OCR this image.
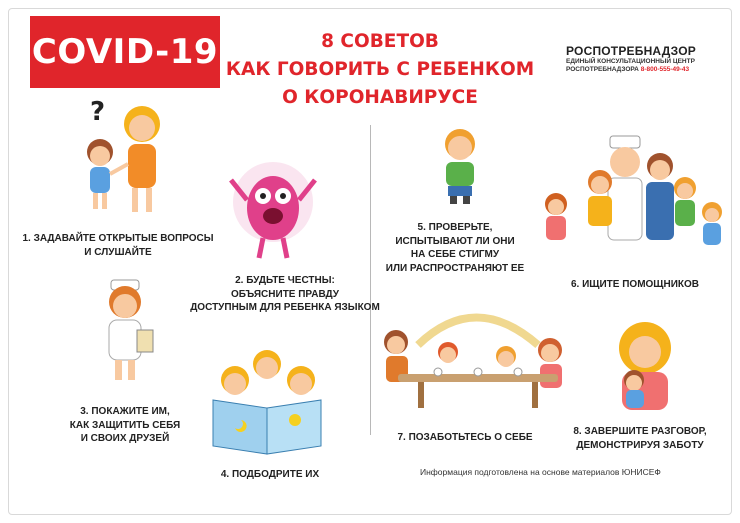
COVID-19	8 СОВЕТОВ
КАК ГОВОРИТЬ С РЕБЕНКОМ
О КОРОНАВИРУСЕ
РОСПОТРЕБНАДЗОР
ЕДИНЫЙ КОНСУЛЬТАЦИОННЫЙ ЦЕНТР
РОСПОТРЕБНАДЗОРА 8-800-555-49-43
?
1. ЗАДАВАЙТЕ ОТКРЫТЫЕ ВОПРОСЫ
И СЛУШАЙТЕ
2. БУДЬТЕ ЧЕСТНЫ:
ОБЪЯСНИТЕ ПРАВДУ
ДОСТУПНЫМ ДЛЯ РЕБЕНКА ЯЗЫКОМ
3. ПОКАЖИТЕ ИМ,
КАК ЗАЩИТИТЬ СЕБЯ
И СВОИХ ДРУЗЕЙ
4. ПОДБОДРИТЕ ИХ
5. ПРОВЕРЬТЕ,
ИСПЫТЫВАЮТ ЛИ ОНИ
НА СЕБЕ СТИГМУ
ИЛИ РАСПРОСТРАНЯЮТ ЕЕ
6. ИЩИТЕ ПОМОЩНИКОВ
7. ПОЗАБОТЬТЕСЬ О СЕБЕ
8. ЗАВЕРШИТЕ РАЗГОВОР,
ДЕМОНСТРИРУЯ ЗАБОТУ
Информация подготовлена на основе материалов ЮНИСЕФ
